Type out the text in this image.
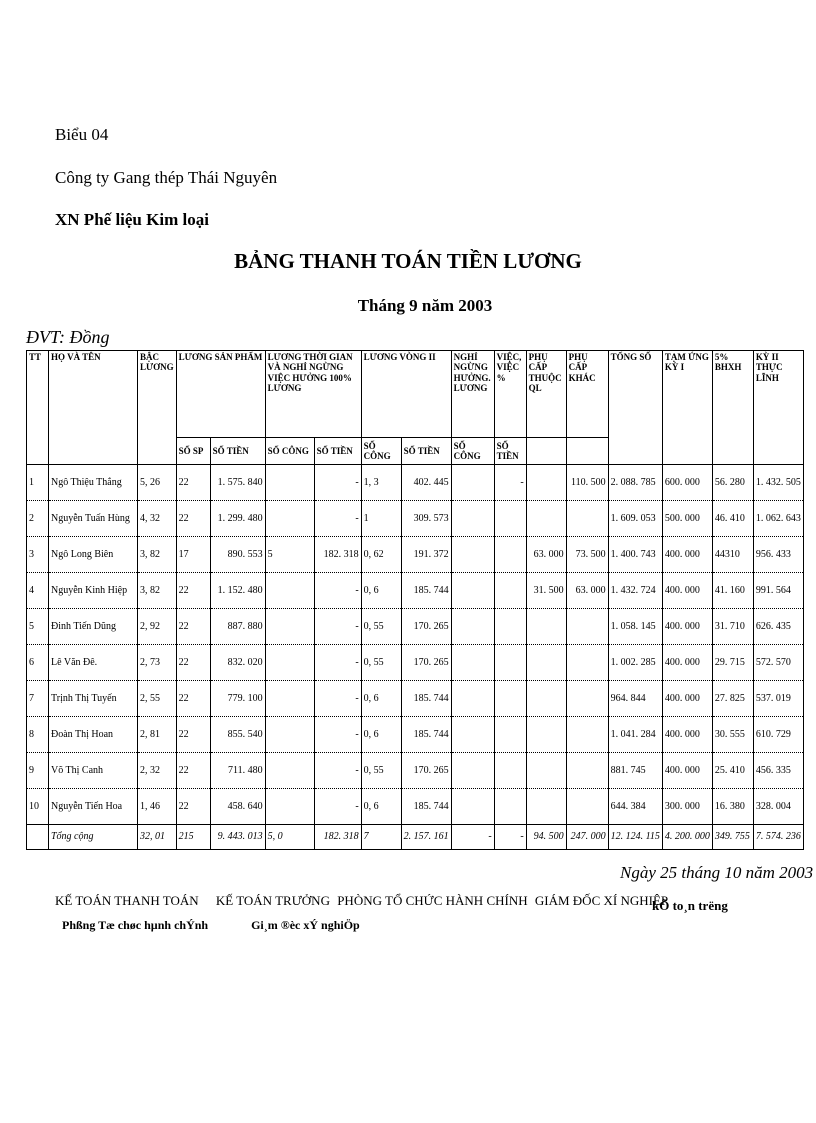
Biểu 04
Công ty Gang thép Thái Nguyên
XN Phế liệu Kim loại
BẢNG THANH TOÁN TIỀN LƯƠNG
Tháng 9 năm 2003
ĐVT: Đồng
TT	HỌ VÀ TÊN	BẬC LƯƠNG	LƯƠNG SẢN PHẨM		LƯƠNG THỜI GIAN VÀ NGHỈ NGỪNG VIỆC HƯỞNG 100% LƯƠNG		LƯƠNG VÒNG II		NGHỈ NGỪNG HƯỞNG. LƯƠNG	VIỆC, VIỆC %	PHỤ CẤP THUỘC QL	PHỤ CẤP KHÁC	TỔNG SỐ	TẠM ỨNG KỲ I	5% BHXH	KỲ II THỰC LĨNH
			SỐ SP	SỐ TIỀN	SỐ CÔNG	SỐ TIỀN	SỐ CÔNG	SỐ TIỀN	SỐ CÔNG	SỐ TIỀN						
1	Ngô Thiệu Thắng	5, 26	22	1. 575. 840		-	1, 3	402. 445		-		110. 500	2. 088. 785	600. 000	56. 280	1. 432. 505
2	Nguyễn Tuấn Hùng	4, 32	22	1. 299. 480		-	1	309. 573					1. 609. 053	500. 000	46. 410	1. 062. 643
3	Ngô Long Biên	3, 82	17	890. 553	5	182. 318	0, 62	191. 372			63. 000	73. 500	1. 400. 743	400. 000	44310	956. 433
4	Nguyễn Kinh Hiệp	3, 82	22	1. 152. 480		-	0, 6	185. 744			31. 500	63. 000	1. 432. 724	400. 000	41. 160	991. 564
5	Đinh Tiến Dũng	2, 92	22	887. 880		-	0, 55	170. 265					1. 058. 145	400. 000	31. 710	626. 435
6	Lê Văn Đê.	2, 73	22	832. 020		-	0, 55	170. 265					1. 002. 285	400. 000	29. 715	572. 570
7	Trịnh Thị Tuyến	2, 55	22	779. 100		-	0, 6	185. 744					964. 844	400. 000	27. 825	537. 019
8	Đoàn Thị Hoan	2, 81	22	855. 540		-	0, 6	185. 744					1. 041. 284	400. 000	30. 555	610. 729
9	Võ Thị Canh	2, 32	22	711. 480		-	0, 55	170. 265					881. 745	400. 000	25. 410	456. 335
10	Nguyễn Tiến Hoa	1, 46	22	458. 640		-	0, 6	185. 744					644. 384	300. 000	16. 380	328. 004
	Tổng cộng	32, 01	215	9. 443. 013	5, 0	182. 318	7	2. 157. 161	-	-	94. 500	247. 000	12. 124. 115	4. 200. 000	349. 755	7. 574. 236
Ngày 25 tháng 10 năm 2003
KẾ TOÁN THANH TOÁN KẾ TOÁN TRƯỞNG PHÒNG TỔ CHỨC HÀNH CHÍNH GIÁM ĐỐC XÍ NGHIỆP
kÕ to¸n trëng
Phßng Tæ chøc hµnh chÝnh	Gi¸m ®èc xÝ nghiÖp
